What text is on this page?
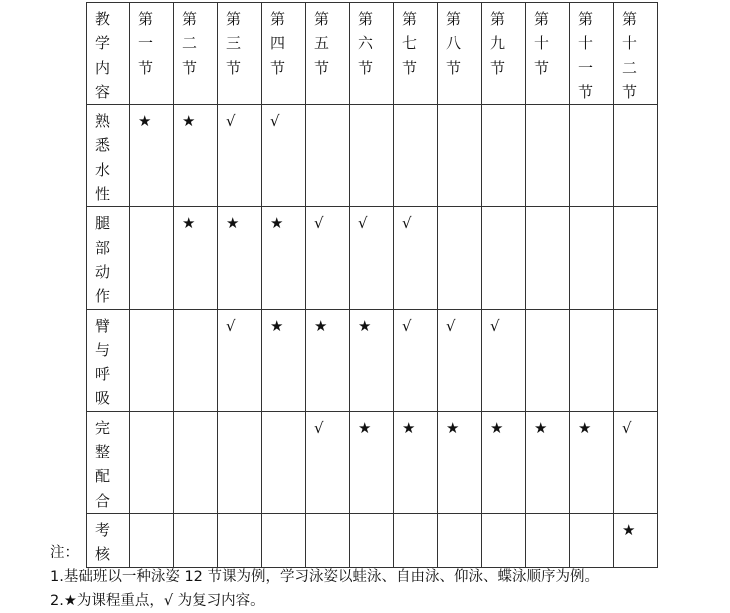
教学内容	第一节	第二节	第三节	第四节	第五节	第六节	第七节	第八节	第九节	第十节	第十一节	第十二节

熟悉水性	★	★	√	√								

腿部动作		★	★	★	√	√	√					

臂与呼吸			√	★	★	★	√	√	√			

完整配合					√	★	★	★	★	★	★	√

考核												★
注：
1.基础班以一种泳姿 12 节课为例，学习泳姿以蛙泳、自由泳、仰泳、蝶泳顺序为例。
2.★为课程重点，√ 为复习内容。
